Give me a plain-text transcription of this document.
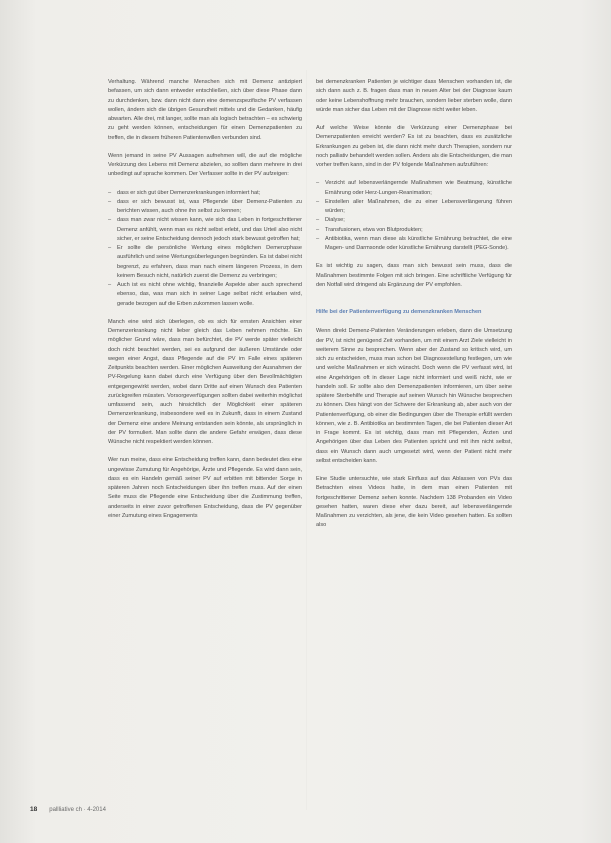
Verhaltung. Während manche Menschen sich mit Demenz antizipiert befassen, um sich dann entweder entschließen, sich über diese Phase dann zu durchdenken, bzw. dann nicht dann eine demenzspezifische PV verfassen wollen, ändern sich die übrigen Gesundheit mittels und die Gedanken, häufig abwarten. Alle drei, mit langer, sollte man als logisch betrachten – es schwierig zu geht werden können, entscheidungen für einen Demenzpatienten zu treffen, die in diesem früheren Patientenwillen verbunden sind.

Wenn jemand in seine PV Aussagen aufnehmen will, die auf die mögliche Verkürzung des Lebens mit Demenz abzielen, so sollten dann mehrere in drei unbedingt auf sprache kommen. Der Verfasser sollte in der PV aufzeigen:

– dass er sich gut über Demenzerkrankungen informiert hat;
– dass er sich bewusst ist, was Pflegende über Demenz-Patienten zu berichten wissen, auch ohne ihn selbst zu kennen;
– dass man zwar nicht wissen kann, wie sich das Leben in fortgeschrittener Demenz anfühlt, wenn man es nicht selbst erlebt, und das Urteil also nicht sicher, er seine Entscheidung dennoch jedoch stark bewusst getroffen hat;
– Er sollte die persönliche Wertung eines möglichen Demenzphase ausführlich und seine Wertungsüberlegungen begründen. Es ist dabei nicht begrenzt, zu erfahren, dass man nach einem längeren Prozess, in dem keinem Besuch nicht, natürlich zuerst die Demenz zu verbringen;
– Auch ist es nicht ohne wichtig, finanzielle Aspekte aber auch sprechend ebenso, das, was man sich in seiner Lage selbst nicht erlauben wird, gerade bezogen auf die Erben zukommen lassen wolle.

Manch eine wird sich überlegen, ob es sich für ernsten Ansichten einer Demenzerkrankung nicht lieber gleich das Leben nehmen möchte. Ein möglicher Grund wäre, dass man befürchtet, die PV werde später vielleicht doch nicht beachtet werden, sei es aufgrund der äußeren Umstände oder wegen einer Angst, dass Pflegende auf die PV im Falle eines späteren Zeitpunkts beachten werden. Einer möglichen Ausweitung der Ausnahmen der PV-Regelung kann dabei durch eine Verfügung über den Bevollmächtigten entgegengewirkt werden, wobei dann Dritte auf einen Wunsch des Patienten zurückgreifen müssten. Vorsorgeverfügungen sollten dabei weiterhin möglichst umfassend sein, auch hinsichtlich der Möglichkeit einer späteren Demenzerkrankung, insbesondere weil es in Zukunft, dass in einem Zustand der Demenz eine andere Meinung entstanden sein könnte, als ursprünglich in der PV formuliert. Man sollte dann die andere Gefahr erwägen, dass diese Wünsche nicht respektiert werden können.

Wer nun meine, dass eine Entscheidung treffen kann, dann bedeutet dies eine ungewisse Zumutung für Angehörige, Ärzte und Pflegende. Es wird dann sein, dass es ein Handeln gemäß seiner PV auf erbitten mit bittender Sorge in späteren Jahren noch Entscheidungen über ihn treffen muss. Auf der einen Seite muss die Pflegende eine Entscheidung über die Zustimmung treffen, anderseits in einer zuvor getroffenen Entscheidung, dass die PV gegenüber einer Zumutung eines Engagements

bei demenzkranken Patienten je wichtiger dass Menschen vorhanden ist, die sich dann auch z. B. fragen dass man in neuen Alter bei der Diagnose kaum oder keine Lebenshoffnung mehr brauchen, sondern lieber sterben wolle, dann würde man sicher das Leben mit der Diagnose nicht weiter leben.

Auf welche Weise könnte die Verkürzung einer Demenzphase bei Demenzpatienten erreicht werden? Es ist zu beachten, dass es zusätzliche Erkrankungen zu geben ist, die dann nicht mehr durch Therapien, sondern nur noch palliativ behandelt werden sollen. Anders als die Entscheidungen, die man vorher treffen kann, sind in der PV folgende Maßnahmen aufzuführen:

– Verzicht auf lebensverlängernde Maßnahmen wie Beatmung, künstliche Ernährung oder Herz-Lungen-Reanimation;
– Einstellen aller Maßnahmen, die zu einer Lebensverlängerung führen würden;
– Dialyse;
– Transfusionen, etwa von Blutprodukten;
– Antibiotika, wenn man diese als künstliche Ernährung betrachtet, die eine Magen- und Darmsonde oder künstliche Ernährung darstellt (PEG-Sonde).

Es ist wichtig zu sagen, dass man sich bewusst sein muss, dass die Maßnahmen bestimmte Folgen mit sich bringen. Eine schriftliche Verfügung für den Notfall wird dringend als Ergänzung der PV empfohlen.

Hilfe bei der Patientenverfügung zu demenzkranken Menschen

Wenn direkt Demenz-Patienten Veränderungen erleben, dann die Umsetzung der PV, ist nicht genügend Zeit vorhanden, um mit einem Arzt Ziele vielleicht in weiterem Sinne zu besprechen. Wenn aber der Zustand so kritisch wird, um sich zu entscheiden, muss man schon bei Diagnosestellung festlegen, um wie und welche Maßnahmen er sich wünscht. Doch wenn die PV verfasst wird, ist eine Angehörigen oft in dieser Lage nicht informiert und weiß nicht, wie er handeln soll. Er sollte also den Demenzpatienten informieren, um über seine spätere Sterbehilfe und Therapie auf seinen Wunsch hin Wünsche besprechen zu können. Dies hängt von der Schwere der Erkrankung ab, aber auch von der Patientenverfügung, ob einer die Bedingungen über die Therapie erfüllt werden können, wie z. B. Antibiotika an bestimmten Tagen, die bei Patienten dieser Art in Frage kommt. Es ist wichtig, dass man mit Pflegenden, Ärzten und Angehörigen über das Leben des Patienten spricht und mit ihm nicht selbst, dass ein Wunsch dann auch umgesetzt wird, wenn der Patient nicht mehr selbst entscheiden kann.

Eine Studie untersuchte, wie stark Einfluss auf das Ablassen von PVs das Betrachten eines Videos hatte, in dem man einen Patienten mit fortgeschrittener Demenz sehen konnte. Nachdem 138 Probanden ein Video gesehen hatten, waren diese eher dazu bereit, auf lebensverlängernde Maßnahmen zu verzichten, als jene, die kein Video gesehen hatten. Es sollten also

18 pallliative ch · 4-2014
